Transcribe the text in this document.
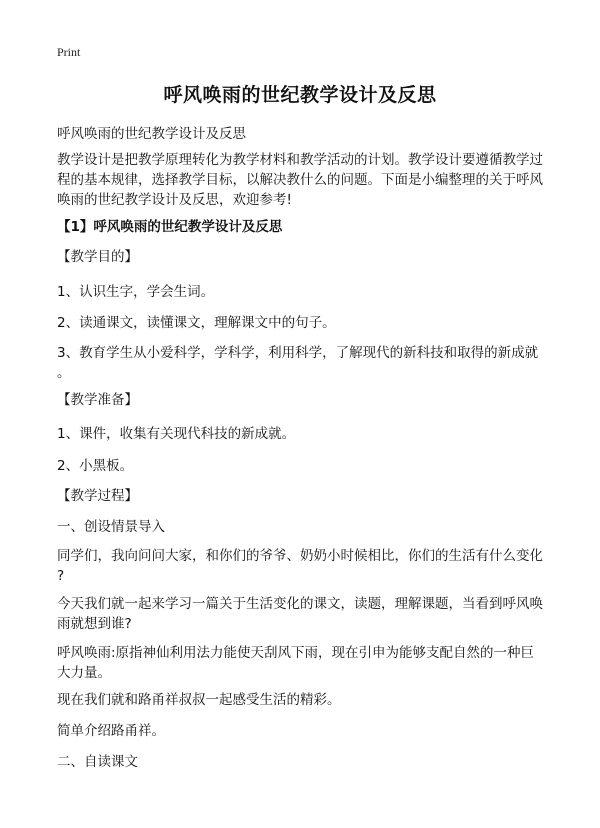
Print
呼风唤雨的世纪教学设计及反思
呼风唤雨的世纪教学设计及反思
教学设计是把教学原理转化为教学材料和教学活动的计划。教学设计要遵循教学过
程的基本规律，选择教学目标，以解决教什么的问题。下面是小编整理的关于呼风
唤雨的世纪教学设计及反思，欢迎参考!
【1】呼风唤雨的世纪教学设计及反思
【教学目的】
1、认识生字，学会生词。
2、读通课文，读懂课文，理解课文中的句子。
3、教育学生从小爱科学，学科学，利用科学，了解现代的新科技和取得的新成就
。
【教学准备】
1、课件，收集有关现代科技的新成就。
2、小黑板。
【教学过程】
一、创设情景导入
同学们，我向问问大家，和你们的爷爷、奶奶小时候相比，你们的生活有什么变化
?
今天我们就一起来学习一篇关于生活变化的课文，读题，理解课题，当看到呼风唤
雨就想到谁?
呼风唤雨:原指神仙利用法力能使天刮风下雨，现在引申为能够支配自然的一种巨
大力量。
现在我们就和路甬祥叔叔一起感受生活的精彩。
简单介绍路甬祥。
二、自读课文
